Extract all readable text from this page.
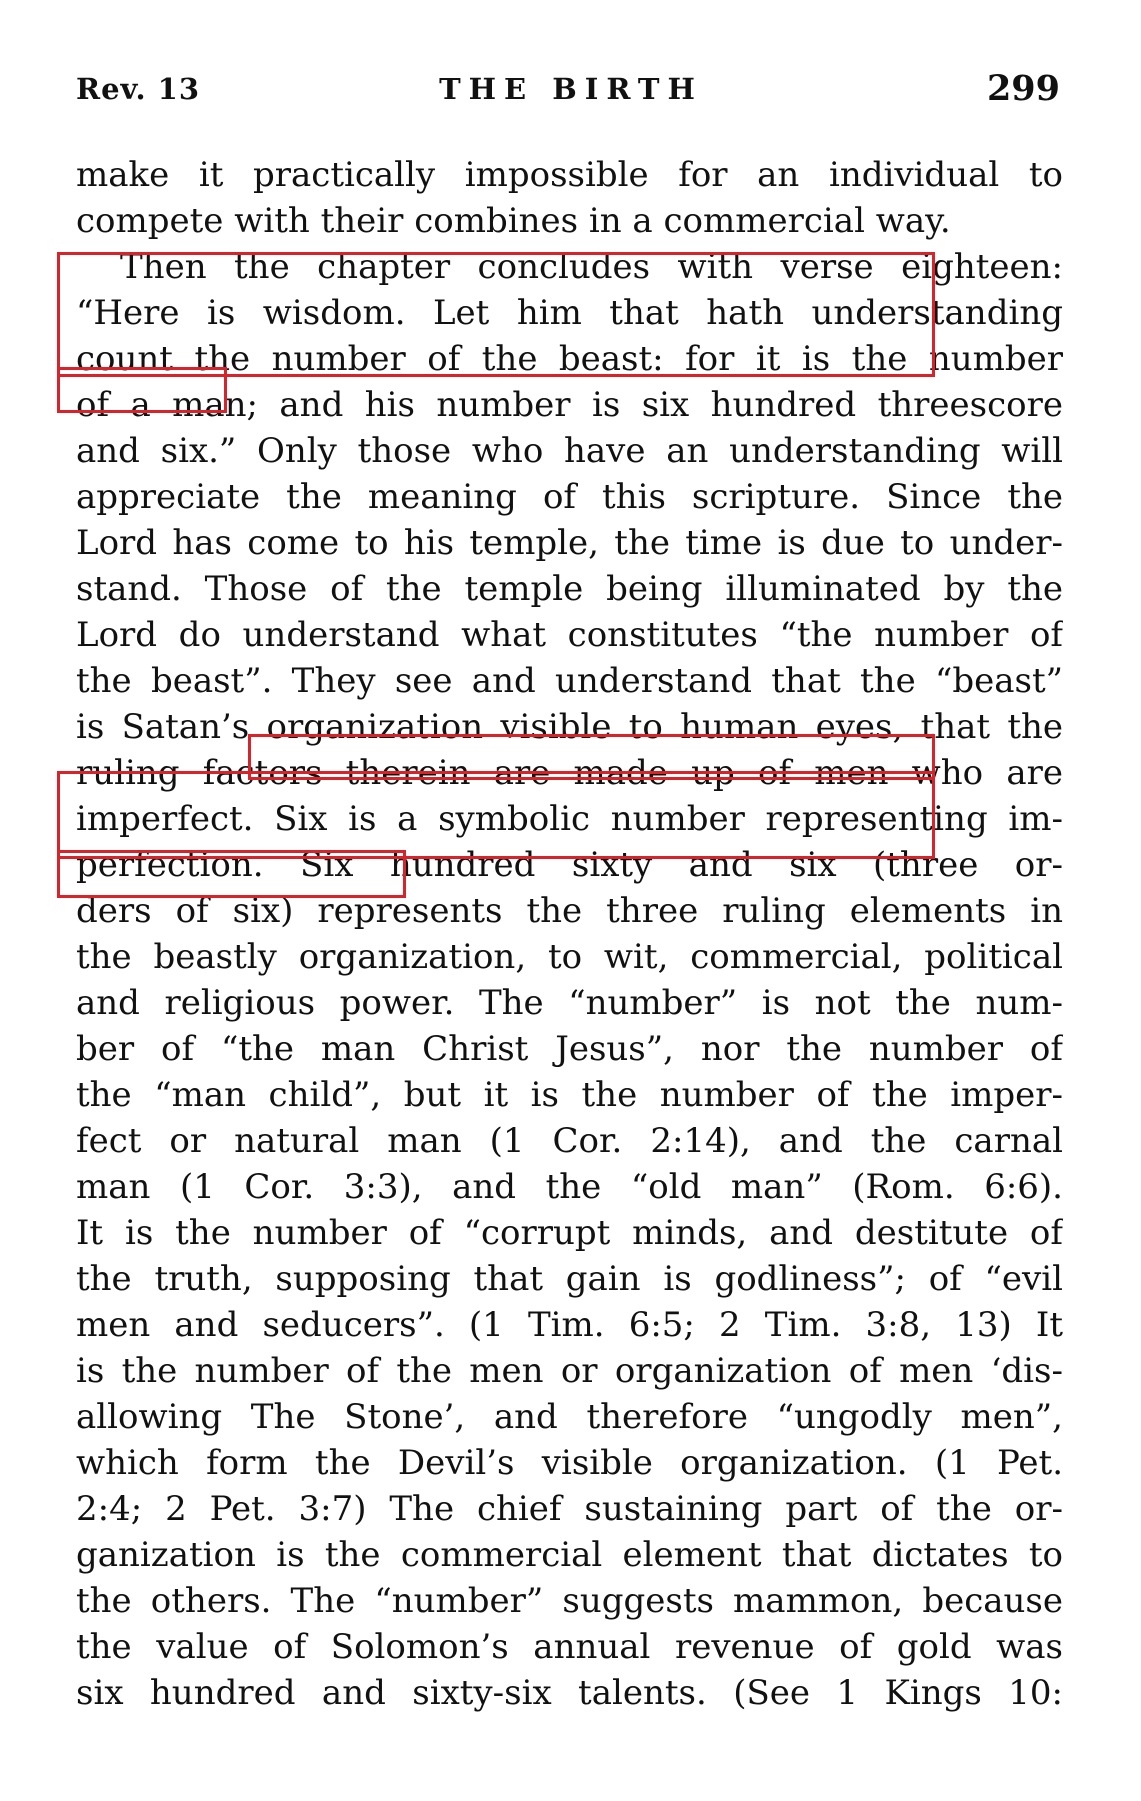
Rev. 13	THE BIRTH	299
make it practically impossible for an individual to
compete with their combines in a commercial way.
Then the chapter concludes with verse eighteen:
“Here is wisdom. Let him that hath understanding
count the number of the beast: for it is the number
of a man; and his number is six hundred threescore
and six.” Only those who have an understanding will
appreciate the meaning of this scripture. Since the
Lord has come to his temple, the time is due to under-
stand. Those of the temple being illuminated by the
Lord do understand what constitutes “the number of
the beast”. They see and understand that the “beast”
is Satan’s organization visible to human eyes, that the
ruling factors therein are made up of men who are
imperfect. Six is a symbolic number representing im-
perfection. Six hundred sixty and six (three or-
ders of six) represents the three ruling elements in
the beastly organization, to wit, commercial, political
and religious power. The “number” is not the num-
ber of “the man Christ Jesus”, nor the number of
the “man child”, but it is the number of the imper-
fect or natural man (1 Cor. 2:14), and the carnal
man (1 Cor. 3:3), and the “old man” (Rom. 6:6).
It is the number of “corrupt minds, and destitute of
the truth, supposing that gain is godliness”; of “evil
men and seducers”. (1 Tim. 6:5; 2 Tim. 3:8, 13) It
is the number of the men or organization of men ‘dis-
allowing The Stone’, and therefore “ungodly men”,
which form the Devil’s visible organization. (1 Pet.
2:4; 2 Pet. 3:7) The chief sustaining part of the or-
ganization is the commercial element that dictates to
the others. The “number” suggests mammon, because
the value of Solomon’s annual revenue of gold was
six hundred and sixty-six talents. (See 1 Kings 10:
